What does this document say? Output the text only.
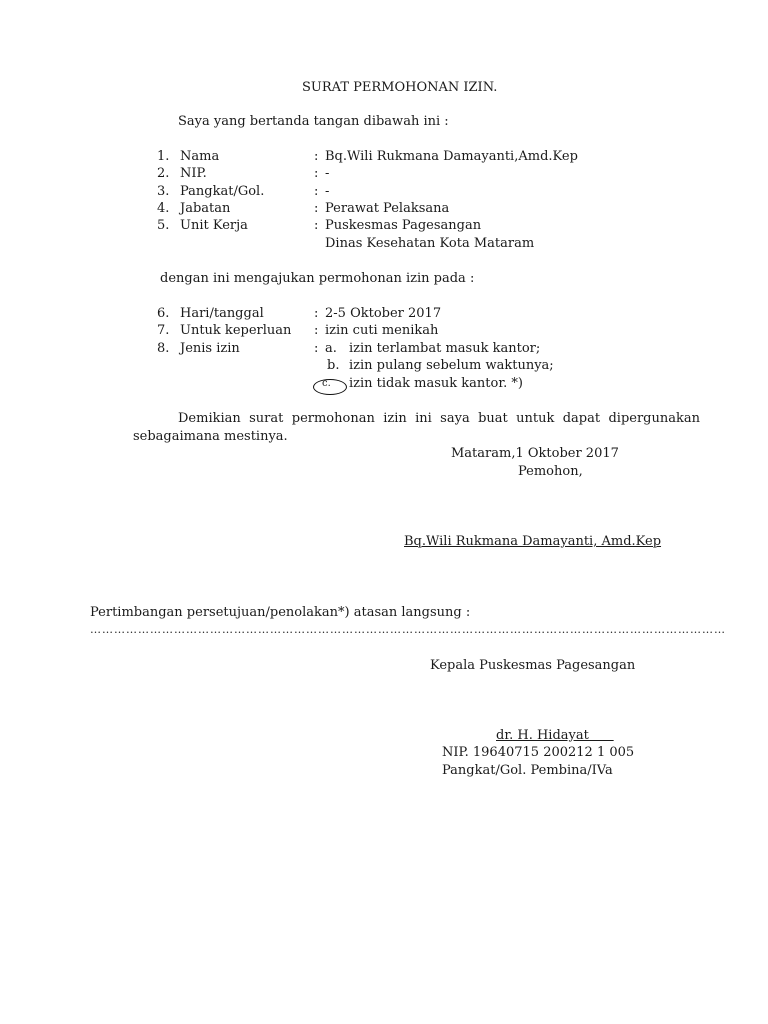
SURAT PERMOHONAN IZIN.
Saya yang bertanda tangan dibawah ini :
1. Nama	: Bq.Wili Rukmana Damayanti,Amd.Kep
2. NIP.	: -
3. Pangkat/Gol.	: -
4. Jabatan	: Perawat Pelaksana
5. Unit Kerja	: Puskesmas Pagesangan
Dinas Kesehatan Kota Mataram
dengan ini mengajukan permohonan izin pada :
6. Hari/tanggal	: 2-5 Oktober 2017
7. Untuk keperluan : izin cuti menikah
8. Jenis izin	: a. izin terlambat masuk kantor;
b. izin pulang sebelum waktunya;
c. izin tidak masuk kantor. *)
Demikian surat permohonan izin ini saya buat untuk dapat dipergunakan sebagaimana mestinya.
Mataram,1 Oktober 2017
Pemohon,
Bq.Wili Rukmana Damayanti, Amd.Kep
Pertimbangan persetujuan/penolakan*) atasan langsung :
……………………………………………………………………………………………………………………………………………
Kepala Puskesmas Pagesangan
dr. H. Hidayat
NIP. 19640715 200212 1 005
Pangkat/Gol. Pembina/IVa
